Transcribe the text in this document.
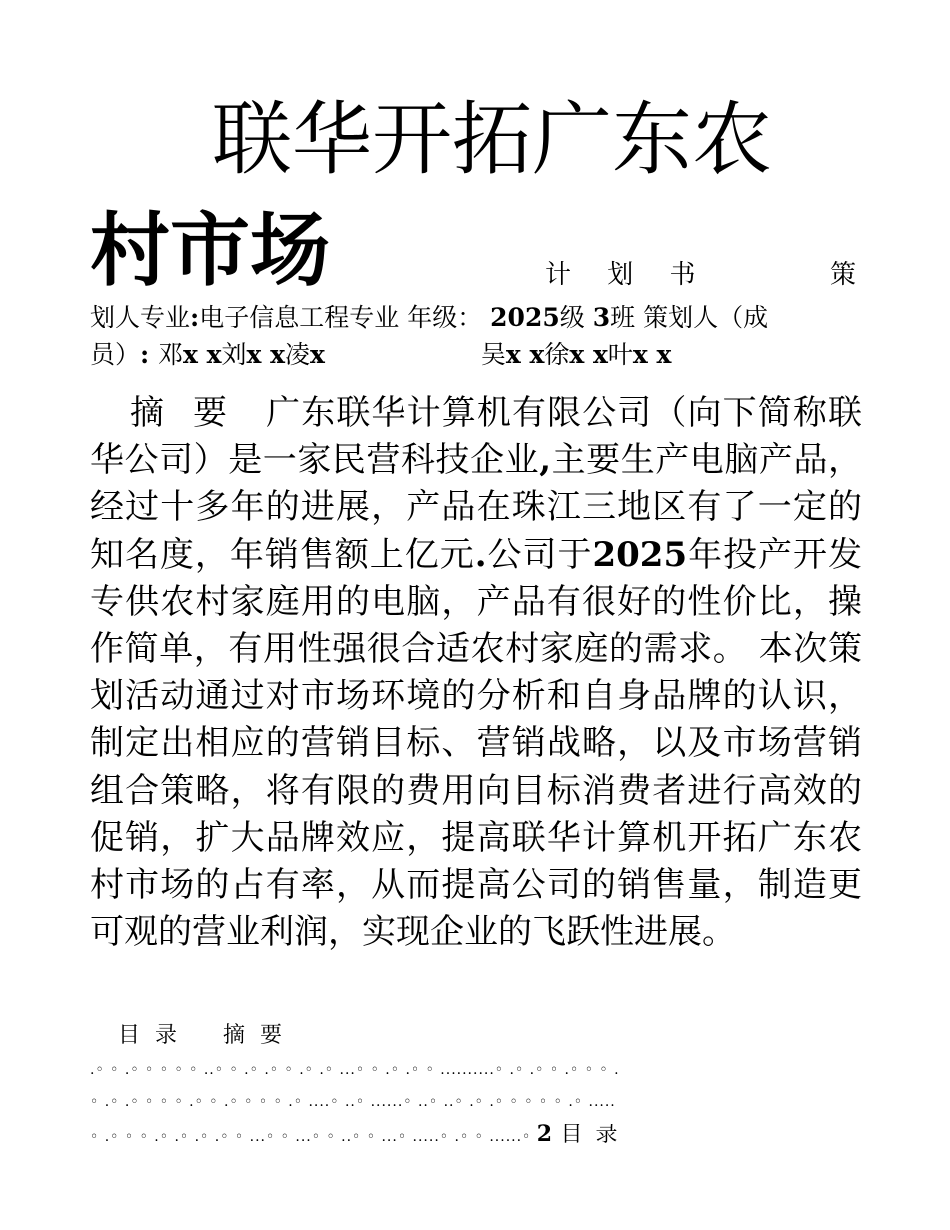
联华开拓广东农
村市场	计 划 书	策
划人专业:电子信息工程专业 年级： 2025级 3班 策划人（成
员）: 邓x x刘x x凌x	吴x x徐x x叶x x

摘 要 广东联华计算机有限公司（向下简称联华公司）是一家民营科技企业,主要生产电脑产品，经过十多年的进展，产品在珠江三地区有了一定的知名度，年销售额上亿元.公司于2025年投产开发专供农村家庭用的电脑，产品有很好的性价比，操作简单，有用性强很合适农村家庭的需求。 本次策划活动通过对市场环境的分析和自身品牌的认识，制定出相应的营销目标、营销战略，以及市场营销组合策略，将有限的费用向目标消费者进行高效的促销，扩大品牌效应，提高联华计算机开拓广东农村市场的占有率，从而提高公司的销售量，制造更可观的营业利润，实现企业的飞跃性进展。

目 录 摘 要
.◦ ◦ .◦ ◦ ◦ ◦ ◦ ..◦ ◦ .◦ .◦ ◦ .◦ .◦ ...◦ ◦ .◦ .◦ ◦ ..........◦ .◦ .◦ ◦ .◦ ◦ ◦ .
◦ .◦ .◦ ◦ ◦ ◦ .◦ ◦ .◦ ◦ ◦ ◦ .◦ ....◦ ..◦ ......◦ ..◦ ..◦ .◦ .◦ ◦ ◦ ◦ ◦ .◦ .....
◦ .◦ ◦ ◦ .◦ .◦ .◦ .◦ ◦ ...◦ ◦ ...◦ ◦ ..◦ ◦ ...◦ .....◦ .◦ ◦ ......◦ 2 目 录
